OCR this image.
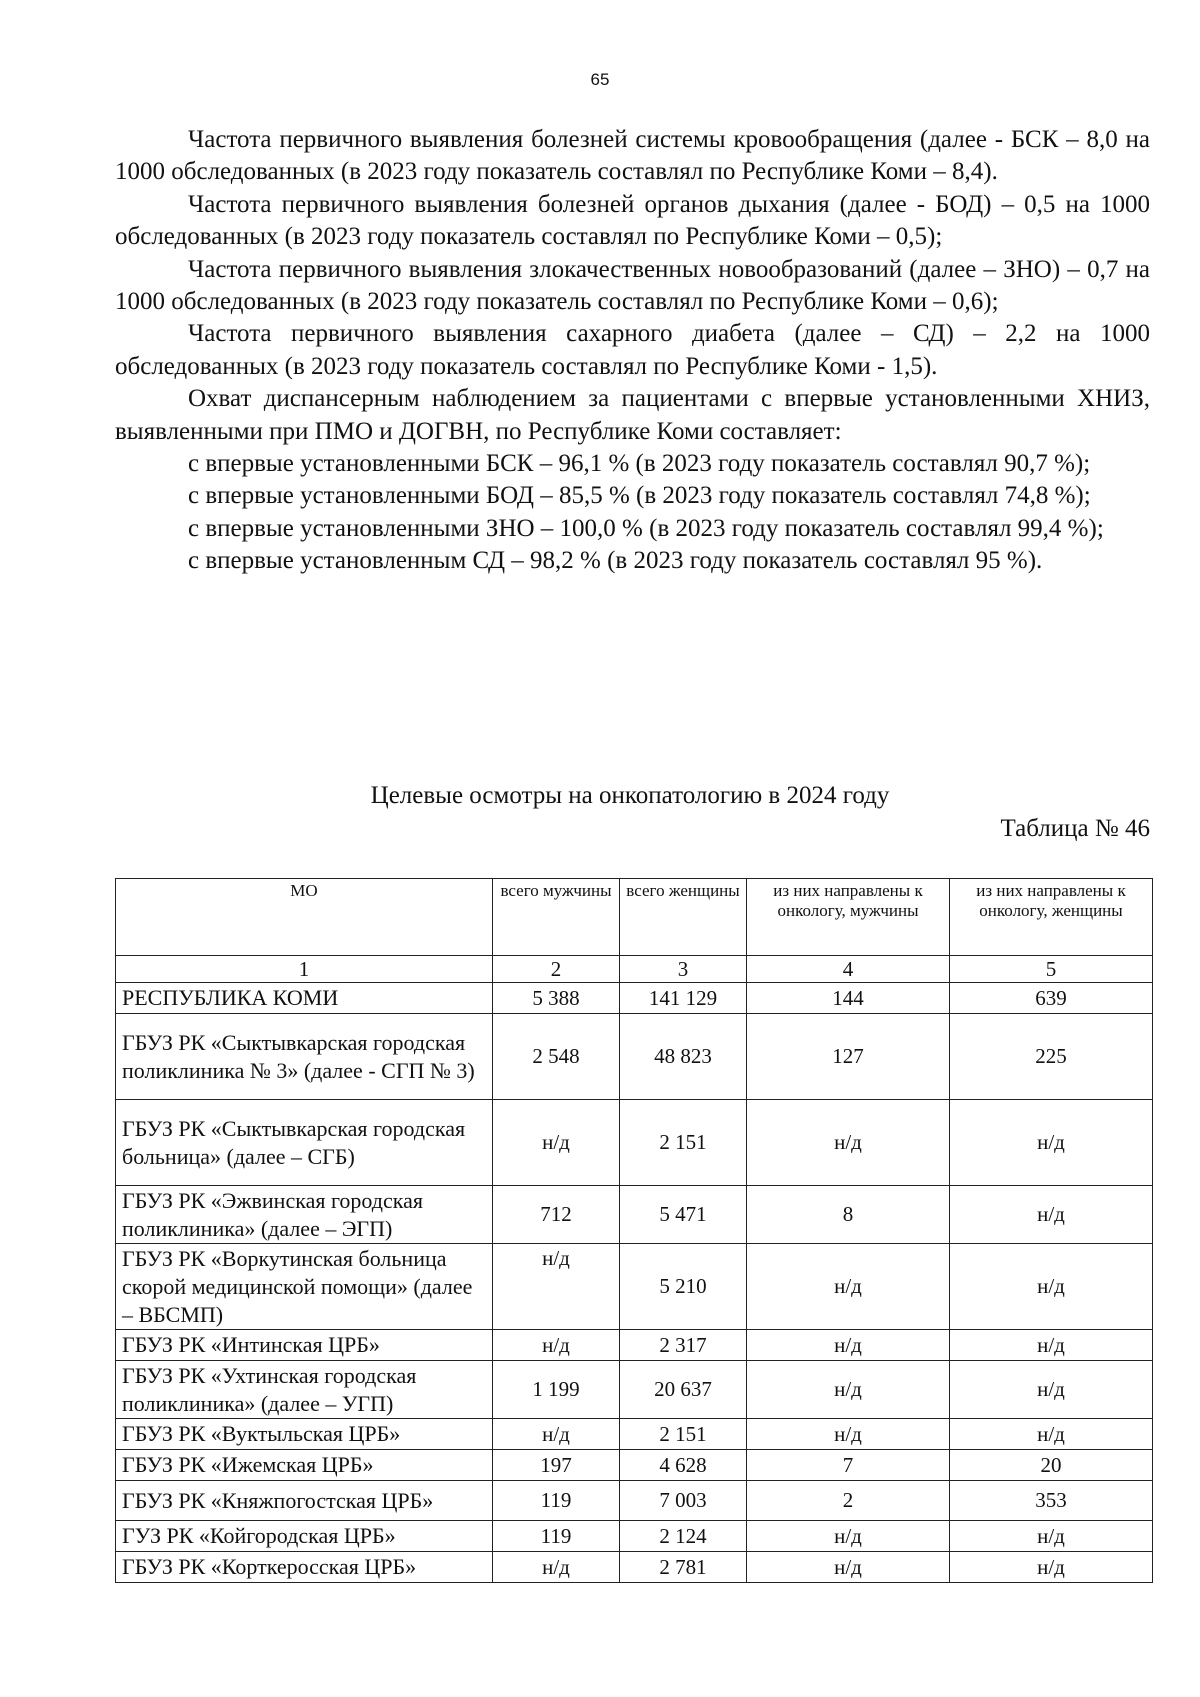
65

Частота первичного выявления болезней системы кровообращения (далее - БСК – 8,0 на 1000 обследованных (в 2023 году показатель составлял по Республике Коми – 8,4).

Частота первичного выявления болезней органов дыхания (далее - БОД) – 0,5 на 1000 обследованных (в 2023 году показатель составлял по Республике Коми – 0,5);

Частота первичного выявления злокачественных новообразований (далее – ЗНО) – 0,7 на 1000 обследованных (в 2023 году показатель составлял по Республике Коми – 0,6);

Частота первичного выявления сахарного диабета (далее – СД) – 2,2 на 1000 обследованных (в 2023 году показатель составлял по Республике Коми - 1,5).

Охват диспансерным наблюдением за пациентами с впервые установленными ХНИЗ, выявленными при ПМО и ДОГВН, по Республике Коми составляет:

с впервые установленными БСК – 96,1 % (в 2023 году показатель составлял 90,7 %);

с впервые установленными БОД – 85,5 % (в 2023 году показатель составлял 74,8 %);

с впервые установленными ЗНО – 100,0 % (в 2023 году показатель составлял 99,4 %);

с впервые установленным СД – 98,2 % (в 2023 году показатель составлял 95 %).

Целевые осмотры на онкопатологию в 2024 году
Таблица № 46
МО	всего мужчины	всего женщины	из них направлены к онкологу, мужчины	из них направлены к онкологу, женщины
1	2	3	4	5
РЕСПУБЛИКА КОМИ	5 388	141 129	144	639
ГБУЗ РК «Сыктывкарская городская поликлиника № 3» (далее - СГП № 3)	2 548	48 823	127	225
ГБУЗ РК «Сыктывкарская городская больница» (далее – СГБ)	н/д	2 151	н/д	н/д
ГБУЗ РК «Эжвинская городская поликлиника» (далее – ЭГП)	712	5 471	8	н/д
ГБУЗ РК «Воркутинская больница скорой медицинской помощи» (далее – ВБСМП)	н/д	5 210	н/д	н/д
ГБУЗ РК «Интинская ЦРБ»	н/д	2 317	н/д	н/д
ГБУЗ РК «Ухтинская городская поликлиника» (далее – УГП)	1 199	20 637	н/д	н/д
ГБУЗ РК «Вуктыльская ЦРБ»	н/д	2 151	н/д	н/д
ГБУЗ РК «Ижемская ЦРБ»	197	4 628	7	20
ГБУЗ РК «Княжпогостская ЦРБ»	119	7 003	2	353
ГУЗ РК «Койгородская ЦРБ»	119	2 124	н/д	н/д
ГБУЗ РК «Корткеросская ЦРБ»	н/д	2 781	н/д	н/д
